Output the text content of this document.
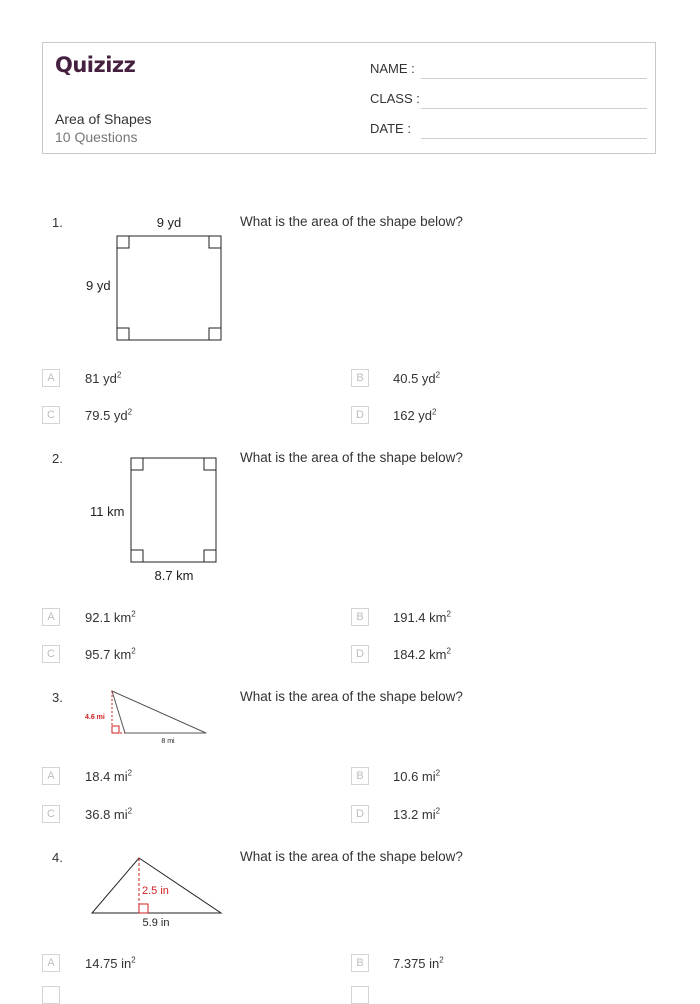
Quizizz
Area of Shapes
10 Questions
NAME :
CLASS :
DATE :
1.	What is the area of the shape below?
9 yd
9 yd
A	81 $yd^2$	B	40.5 $yd^2$
C	79.5 $yd^2$	D	162 $yd^2$
2.	What is the area of the shape below?
11 km
8.7 km
A	92.1 $km^2$	B	191.4 $km^2$
C	95.7 $km^2$	D	184.2 $km^2$
3.	What is the area of the shape below?
4.6 mi
8 mi
A	18.4 $mi^2$	B	10.6 $mi^2$
C	36.8 $mi^2$	D	13.2 $mi^2$
4.	What is the area of the shape below?
2.5 in
5.9 in
A	14.75 $in^2$	B	7.375 $in^2$
